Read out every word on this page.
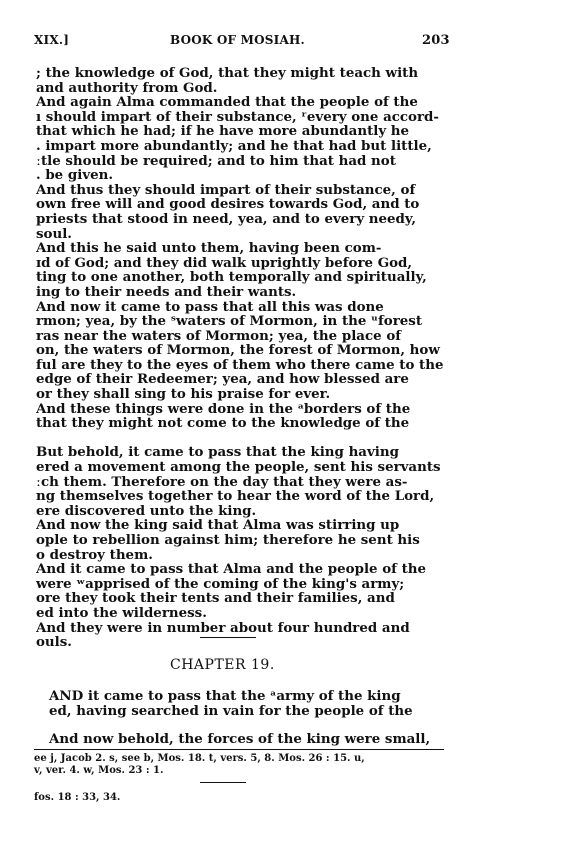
XIX.]	BOOK OF MOSIAH.	203
; the knowledge of God, that they might teach with
and authority from God.
And again Alma commanded that the people of the
ı should impart of their substance, ʳevery one accord-
that which he had; if he have more abundantly he
. impart more abundantly; and he that had but little,
ːtle should be required; and to him that had not
. be given.
And thus they should impart of their substance, of
own free will and good desires towards God, and to
priests that stood in need, yea, and to every needy,
soul.
And this he said unto them, having been com-
ɪd of God; and they did walk uprightly before God,
ting to one another, both temporally and spiritually,
ing to their needs and their wants.
And now it came to pass that all this was done
rmon; yea, by the ˢwaters of Mormon, in the ᵘforest
ras near the waters of Mormon; yea, the place of
on, the waters of Mormon, the forest of Mormon, how
ful are they to the eyes of them who there came to the
edge of their Redeemer; yea, and how blessed are
or they shall sing to his praise for ever.
And these things were done in the ᵃborders of the
that they might not come to the knowledge of the
But behold, it came to pass that the king having
ered a movement among the people, sent his servants
ːch them. Therefore on the day that they were as-
ng themselves together to hear the word of the Lord,
ere discovered unto the king.
And now the king said that Alma was stirring up
ople to rebellion against him; therefore he sent his
o destroy them.
And it came to pass that Alma and the people of the
were ʷapprised of the coming of the king's army;
ore they took their tents and their families, and
ed into the wilderness.
And they were in number about four hundred and
ouls.
CHAPTER 19.
AND it came to pass that the ᵃarmy of the king
ed, having searched in vain for the people of the
And now behold, the forces of the king were small,
ee j, Jacob 2. s, see b, Mos. 18. t, vers. 5, 8. Mos. 26 : 15. u,
v, ver. 4. w, Mos. 23 : 1.
fos. 18 : 33, 34.
